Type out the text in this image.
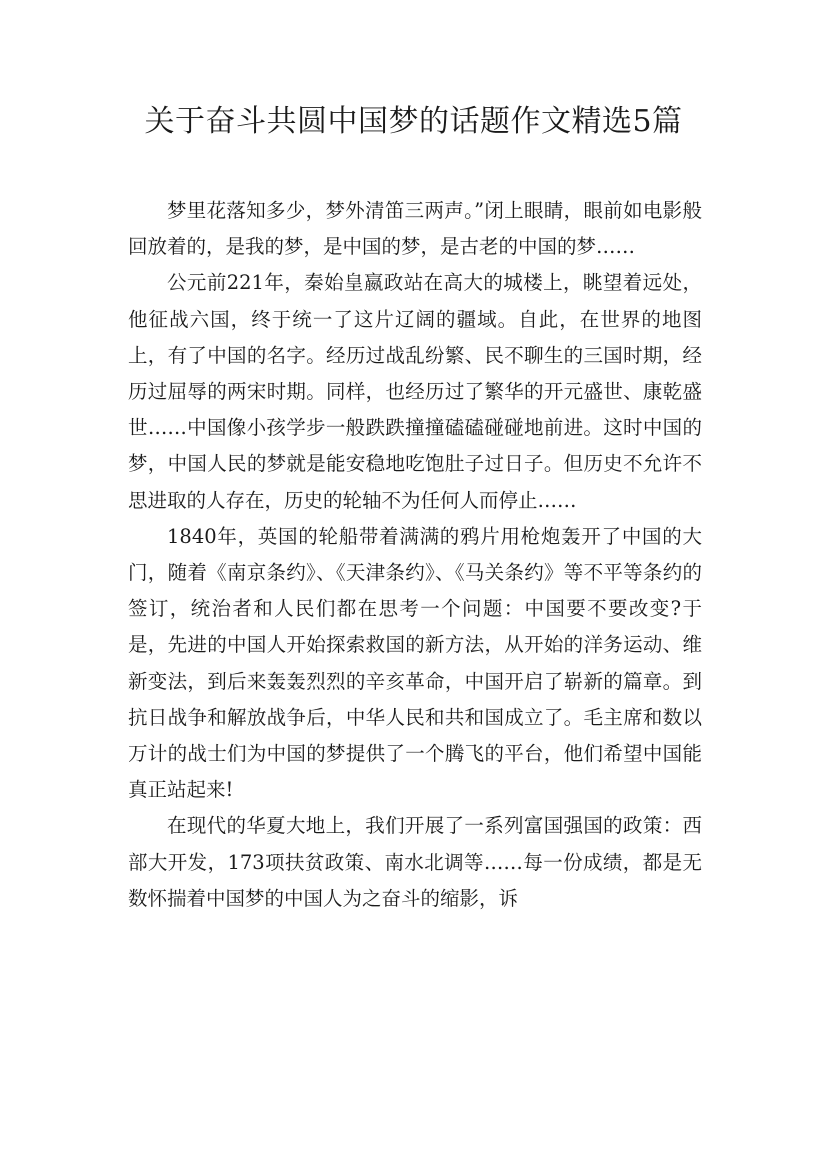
关于奋斗共圆中国梦的话题作文精选5篇

梦里花落知多少，梦外清笛三两声。”闭上眼睛，眼前如电影般回放着的，是我的梦，是中国的梦，是古老的中国的梦……

公元前221年，秦始皇嬴政站在高大的城楼上，眺望着远处，他征战六国，终于统一了这片辽阔的疆域。自此，在世界的地图上，有了中国的名字。经历过战乱纷繁、民不聊生的三国时期，经历过屈辱的两宋时期。同样，也经历过了繁华的开元盛世、康乾盛世……中国像小孩学步一般跌跌撞撞磕磕碰碰地前进。这时中国的梦，中国人民的梦就是能安稳地吃饱肚子过日子。但历史不允许不思进取的人存在，历史的轮轴不为任何人而停止……

1840年，英国的轮船带着满满的鸦片用枪炮轰开了中国的大门，随着《南京条约》、《天津条约》、《马关条约》等不平等条约的签订，统治者和人民们都在思考一个问题：中国要不要改变?于是，先进的中国人开始探索救国的新方法，从开始的洋务运动、维新变法，到后来轰轰烈烈的辛亥革命，中国开启了崭新的篇章。到抗日战争和解放战争后，中华人民和共和国成立了。毛主席和数以万计的战士们为中国的梦提供了一个腾飞的平台，他们希望中国能真正站起来!

在现代的华夏大地上，我们开展了一系列富国强国的政策：西部大开发，173项扶贫政策、南水北调等……每一份成绩，都是无数怀揣着中国梦的中国人为之奋斗的缩影，诉
